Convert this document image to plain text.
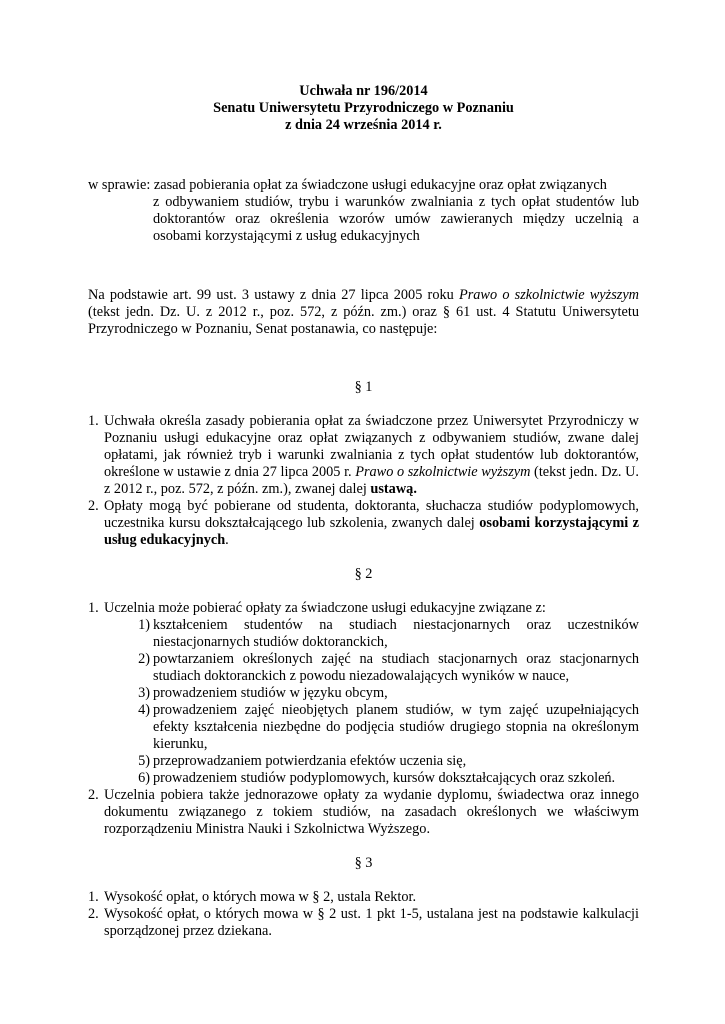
Uchwała nr 196/2014
Senatu Uniwersytetu Przyrodniczego w Poznaniu
z dnia 24 września 2014 r.
w sprawie: zasad pobierania opłat za świadczone usługi edukacyjne oraz opłat związanych
z odbywaniem studiów, trybu i warunków zwalniania z tych opłat studentów lub doktorantów oraz określenia wzorów umów zawieranych między uczelnią a osobami korzystającymi z usług edukacyjnych
Na podstawie art. 99 ust. 3 ustawy z dnia 27 lipca 2005 roku Prawo o szkolnictwie wyższym (tekst jedn. Dz. U. z 2012 r., poz. 572, z późn. zm.) oraz § 61 ust. 4 Statutu Uniwersytetu Przyrodniczego w Poznaniu, Senat postanawia, co następuje:
§ 1
1. Uchwała określa zasady pobierania opłat za świadczone przez Uniwersytet Przyrodniczy w Poznaniu usługi edukacyjne oraz opłat związanych z odbywaniem studiów, zwane dalej opłatami, jak również tryb i warunki zwalniania z tych opłat studentów lub doktorantów, określone w ustawie z dnia 27 lipca 2005 r. Prawo o szkolnictwie wyższym (tekst jedn. Dz. U. z 2012 r., poz. 572, z późn. zm.), zwanej dalej ustawą.
2. Opłaty mogą być pobierane od studenta, doktoranta, słuchacza studiów podyplomowych, uczestnika kursu dokształcającego lub szkolenia, zwanych dalej osobami korzystającymi z usług edukacyjnych.
§ 2
1. Uczelnia może pobierać opłaty za świadczone usługi edukacyjne związane z:
1) kształceniem studentów na studiach niestacjonarnych oraz uczestników niestacjonarnych studiów doktoranckich,
2) powtarzaniem określonych zajęć na studiach stacjonarnych oraz stacjonarnych studiach doktoranckich z powodu niezadowalających wyników w nauce,
3) prowadzeniem studiów w języku obcym,
4) prowadzeniem zajęć nieobjętych planem studiów, w tym zajęć uzupełniających efekty kształcenia niezbędne do podjęcia studiów drugiego stopnia na określonym kierunku,
5) przeprowadzaniem potwierdzania efektów uczenia się,
6) prowadzeniem studiów podyplomowych, kursów dokształcających oraz szkoleń.
2. Uczelnia pobiera także jednorazowe opłaty za wydanie dyplomu, świadectwa oraz innego dokumentu związanego z tokiem studiów, na zasadach określonych we właściwym rozporządzeniu Ministra Nauki i Szkolnictwa Wyższego.
§ 3
1. Wysokość opłat, o których mowa w § 2, ustala Rektor.
2. Wysokość opłat, o których mowa w § 2 ust. 1 pkt 1-5, ustalana jest na podstawie kalkulacji sporządzonej przez dziekana.
